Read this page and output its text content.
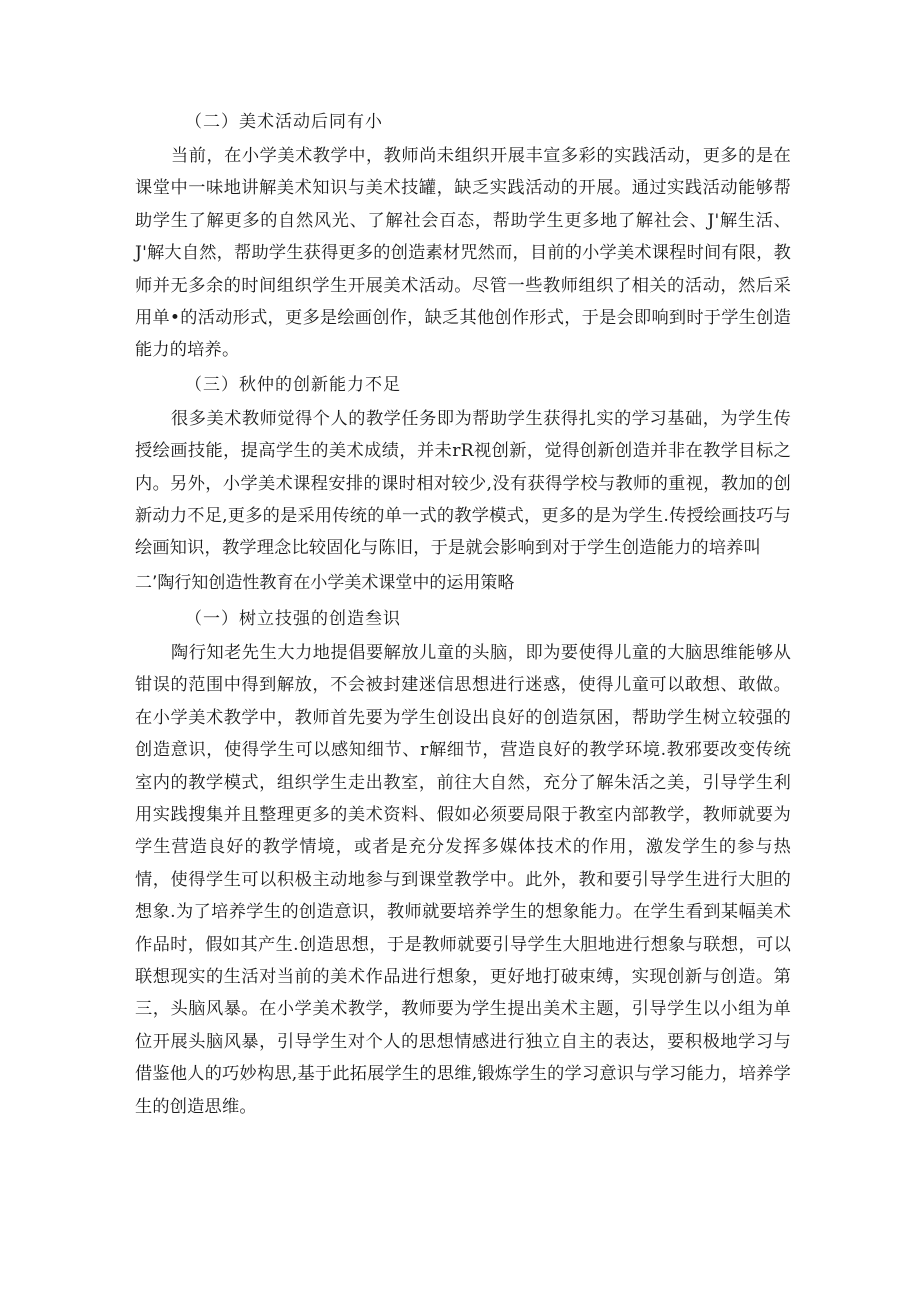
（二）美术活动后同有小

当前，在小学美术教学中，教师尚未组织开展丰宣多彩的实践活动，更多的是在课堂中一味地讲解美术知识与美术技罐，缺乏实践活动的开展。通过实践活动能够帮助学生了解更多的自然风光、了解社会百态，帮助学生更多地了解社会、J'解生活、J'解大自然，帮助学生获得更多的创造素材咒然而，目前的小学美术课程时间有限，教师并无多余的时间组织学生开展美术活动。尽管一些教师组织了相关的活动，然后采用单•的活动形式，更多是绘画创作，缺乏其他创作形式，于是会即响到时于学生创造能力的培养。

（三）秋仲的创新能力不足

很多美术教师觉得个人的教学任务即为帮助学生获得扎实的学习基础，为学生传授绘画技能，提高学生的美术成绩，并未rR视创新，觉得创新创造并非在教学目标之内。另外，小学美术课程安排的课时相对较少,没有获得学校与教师的重视，教加的创新动力不足,更多的是采用传统的单一式的教学模式，更多的是为学生.传授绘画技巧与绘画知识，教学理念比较固化与陈旧，于是就会影响到对于学生创造能力的培养叫

二’陶行知创造性教育在小学美术课堂中的运用策略
（一）树立技强的创造叁识

陶行知老先生大力地提倡要解放儿童的头脑，即为要使得儿童的大脑思维能够从钳误的范围中得到解放，不会被封建迷信思想进行迷惑，使得儿童可以敢想、敢做。在小学美术教学中，教师首先要为学生创设出良好的创造氛困，帮助学生树立较强的创造意识，使得学生可以感知细节、r解细节，营造良好的教学环境.教邪要改变传统室内的教学模式，组织学生走出教室，前往大自然，充分了解朱活之美，引导学生利用实践搜集并且整理更多的美术资料、假如必须要局限于教室内部教学，教师就要为学生营造良好的教学情境，或者是充分发挥多媒体技术的作用，激发学生的参与热情，使得学生可以积极主动地参与到课堂教学中。此外，教和要引导学生进行大胆的想象.为了培养学生的创造意识，教师就要培养学生的想象能力。在学生看到某幅美术作品时，假如其产生.创造思想，于是教师就要引导学生大胆地进行想象与联想，可以联想现实的生活对当前的美术作品进行想象，更好地打破束缚，实现创新与创造。第三，头脑风暴。在小学美术教学，教师要为学生提出美术主题，引导学生以小组为单位开展头脑风暴，引导学生对个人的思想情感进行独立自主的表达，要积极地学习与借鉴他人的巧妙构思,基于此拓展学生的思维,锻炼学生的学习意识与学习能力，培养学生的创造思维。
